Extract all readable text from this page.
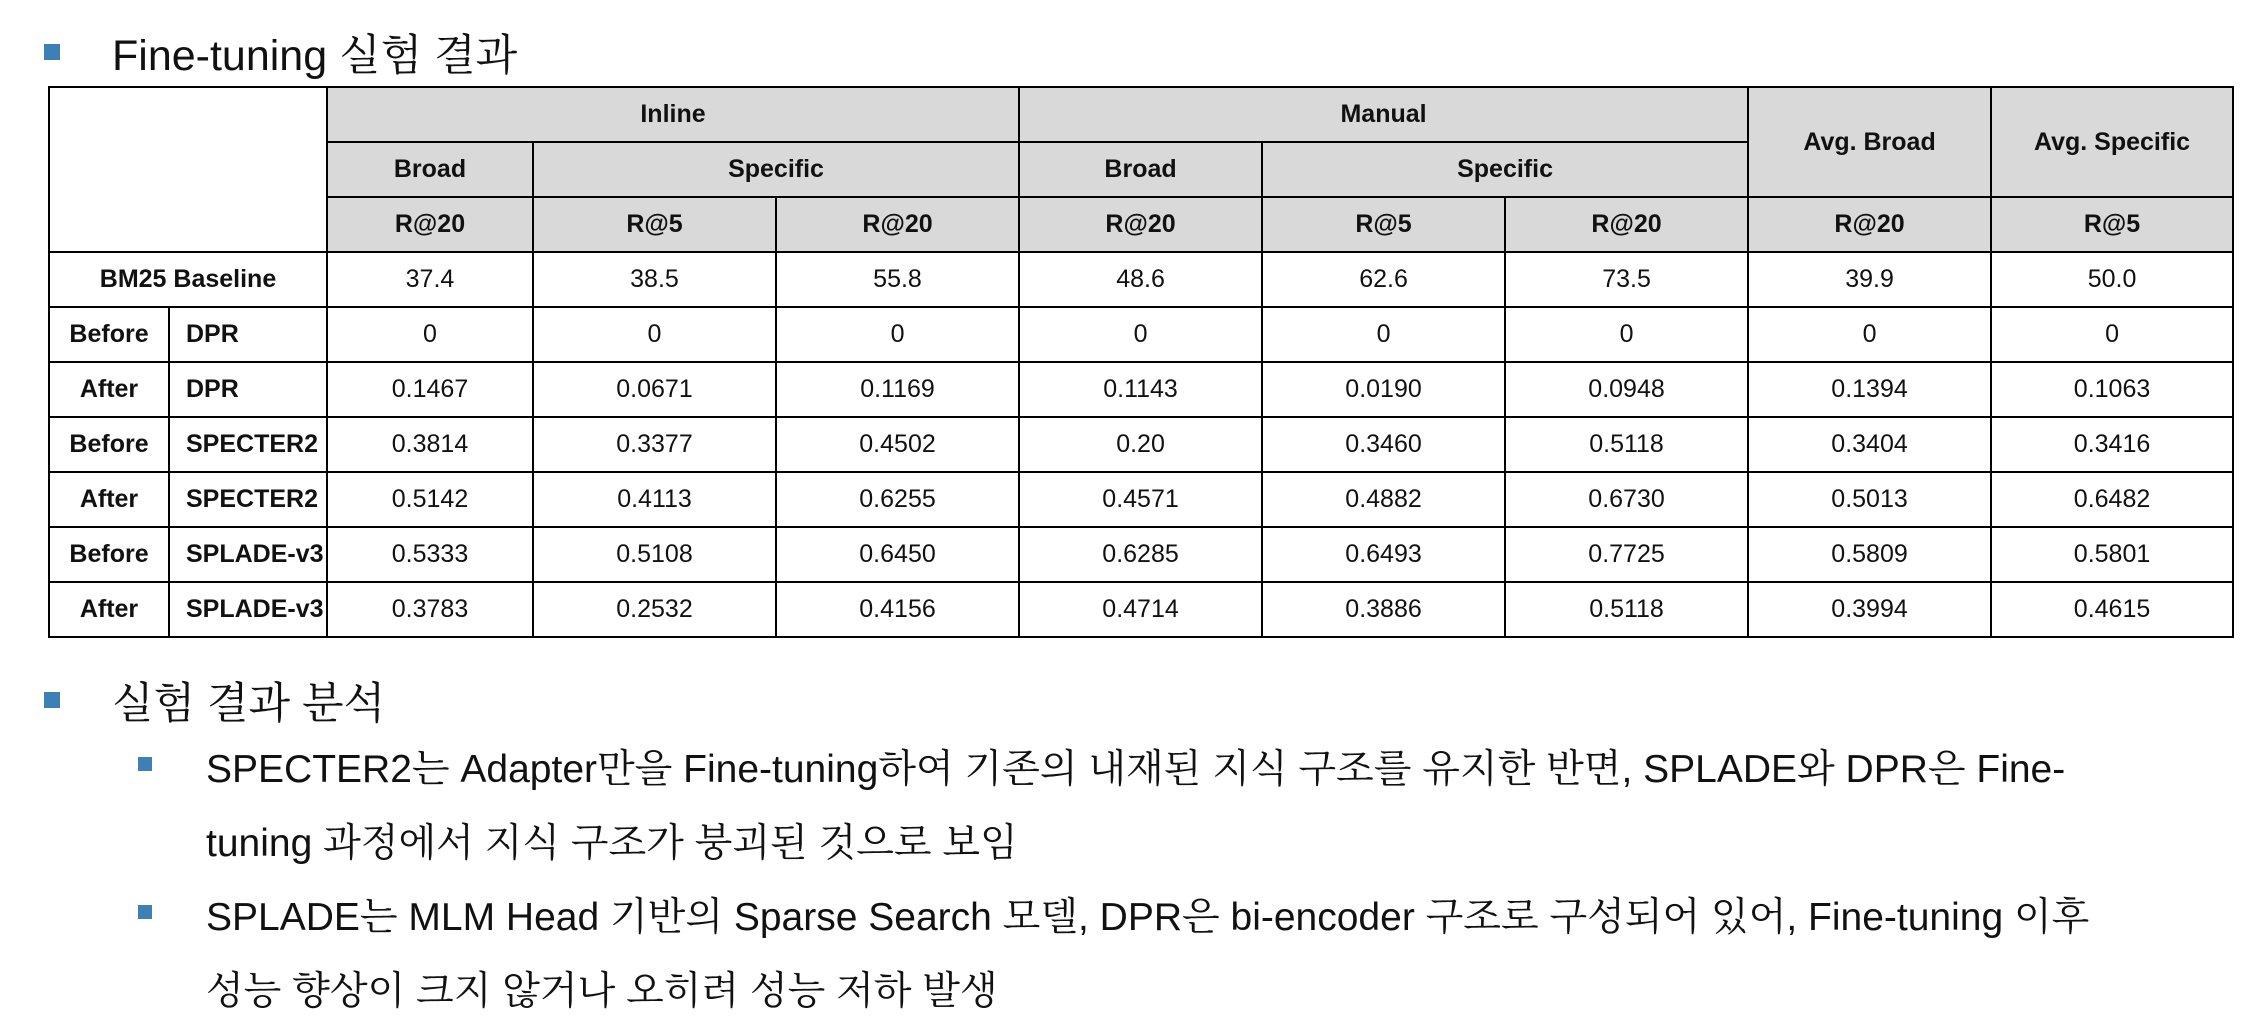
Fine-tuning 실험 결과
		Inline			Manual			Avg. Broad	Avg. Specific
		Broad	Specific		Broad	Specific			
		R@20	R@5	R@20	R@20	R@5	R@20	R@20	R@5
BM25 Baseline		37.4	38.5	55.8	48.6	62.6	73.5	39.9	50.0
Before	DPR	0	0	0	0	0	0	0	0
After	DPR	0.1467	0.0671	0.1169	0.1143	0.0190	0.0948	0.1394	0.1063
Before	SPECTER2	0.3814	0.3377	0.4502	0.20	0.3460	0.5118	0.3404	0.3416
After	SPECTER2	0.5142	0.4113	0.6255	0.4571	0.4882	0.6730	0.5013	0.6482
Before	SPLADE-v3	0.5333	0.5108	0.6450	0.6285	0.6493	0.7725	0.5809	0.5801
After	SPLADE-v3	0.3783	0.2532	0.4156	0.4714	0.3886	0.5118	0.3994	0.4615
실험 결과 분석
SPECTER2는 Adapter만을 Fine-tuning하여 기존의 내재된 지식 구조를 유지한 반면, SPLADE와 DPR은 Fine-
tuning 과정에서 지식 구조가 붕괴된 것으로 보임
SPLADE는 MLM Head 기반의 Sparse Search 모델, DPR은 bi-encoder 구조로 구성되어 있어, Fine-tuning 이후
성능 향상이 크지 않거나 오히려 성능 저하 발생
